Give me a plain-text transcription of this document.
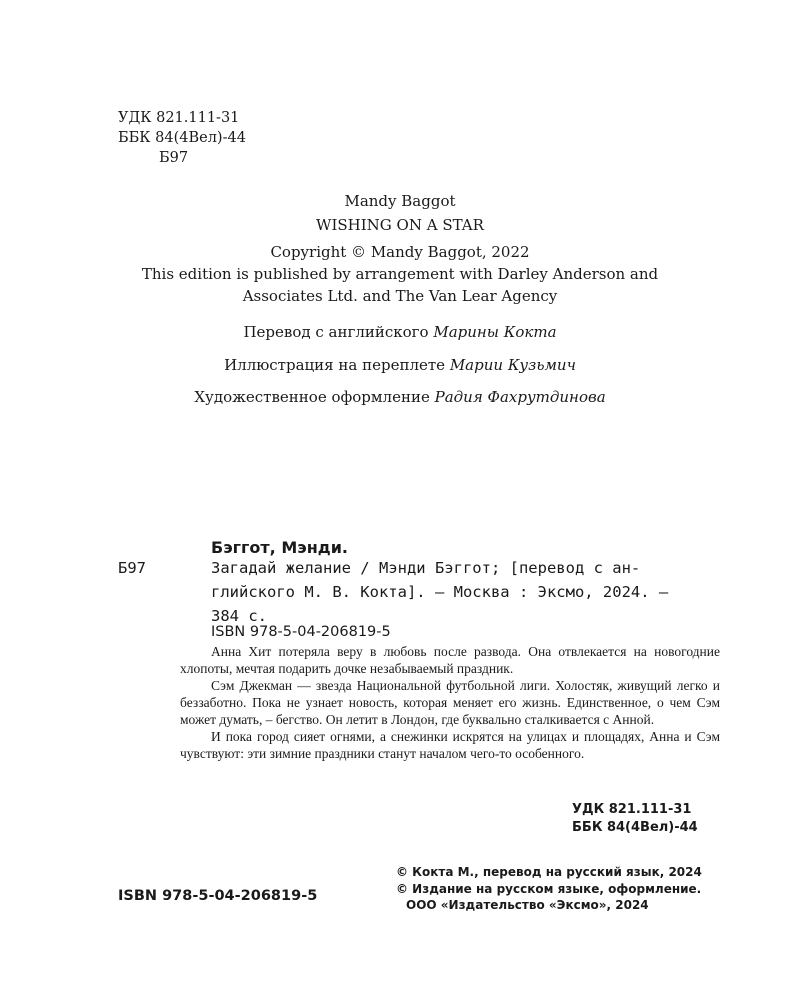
УДК 821.111-31
ББК 84(4Вел)-44
Б97
Mandy Baggot
WISHING ON A STAR
Copyright © Mandy Baggot, 2022
This edition is published by arrangement with Darley Anderson and
Associates Ltd. and The Van Lear Agency
Перевод с английского Марины Кокта
Иллюстрация на переплете Марии Кузьмич
Художественное оформление Радия Фахрутдинова
Бэггот, Мэнди.
Б97	Загадай желание / Мэнди Бэггот; [перевод с ан-
глийского М. В. Кокта]. — Москва : Эксмо, 2024. —
384 с.
ISBN 978-5-04-206819-5

Анна Хит потеряла веру в любовь после развода. Она отвлекается на новогодние хлопоты, мечтая подарить дочке незабываемый праздник.

Сэм Джекман — звезда Национальной футбольной лиги. Холостяк, живущий легко и беззаботно. Пока не узнает новость, которая меняет его жизнь. Единственное, о чем Сэм может думать, – бегство. Он летит в Лондон, где буквально сталкивается с Анной.

И пока город сияет огнями, а снежинки искрятся на улицах и площадях, Анна и Сэм чувствуют: эти зимние праздники станут началом чего-то особенного.

УДК 821.111-31
ББК 84(4Вел)-44
© Кокта М., перевод на русский язык, 2024
© Издание на русском языке, оформление.
ООО «Издательство «Эксмо», 2024
ISBN 978-5-04-206819-5
